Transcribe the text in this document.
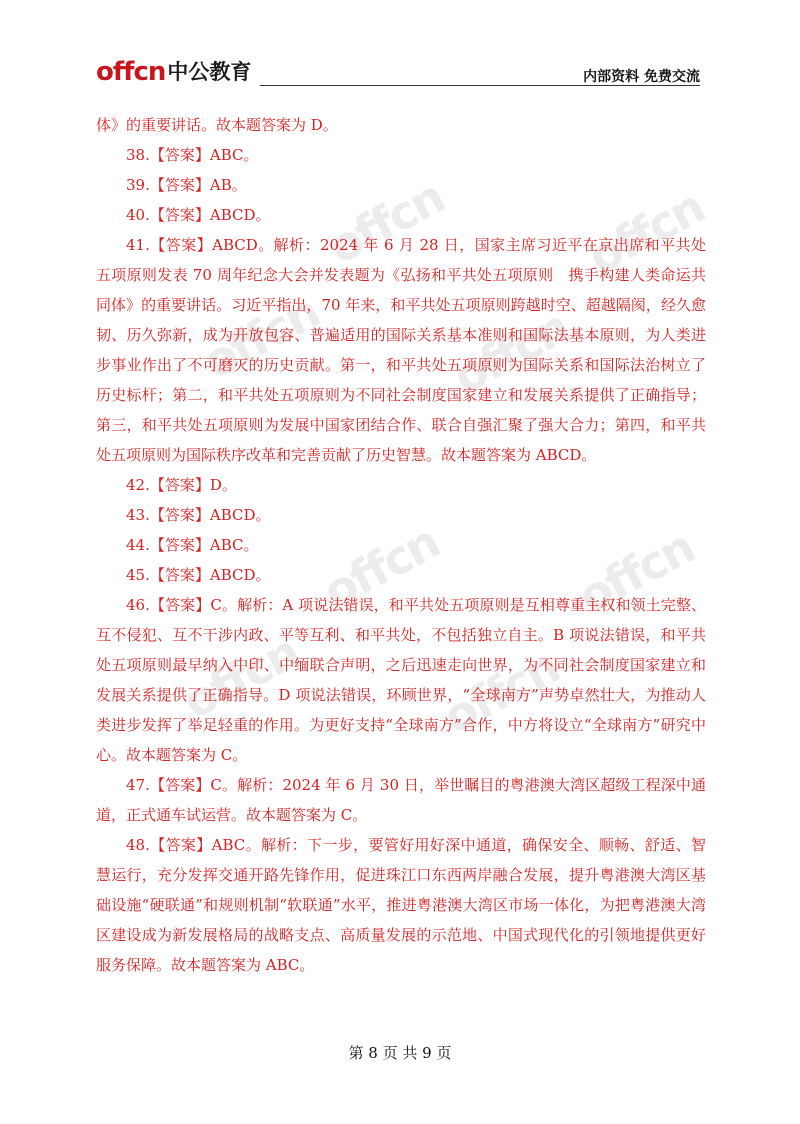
offcn中公教育	内部资料 免费交流
offcn	offcn
offcn	offcn
offcn	offcn
offcn	offcn

体》的重要讲话。故本题答案为 D。

38.【答案】ABC。

39.【答案】AB。

40.【答案】ABCD。

41.【答案】ABCD。解析：2024 年 6 月 28 日，国家主席习近平在京出席和平共处五项原则发表 70 周年纪念大会并发表题为《弘扬和平共处五项原则　携手构建人类命运共同体》的重要讲话。习近平指出，70 年来，和平共处五项原则跨越时空、超越隔阂，经久愈韧、历久弥新，成为开放包容、普遍适用的国际关系基本准则和国际法基本原则，为人类进步事业作出了不可磨灭的历史贡献。第一，和平共处五项原则为国际关系和国际法治树立了历史标杆；第二，和平共处五项原则为不同社会制度国家建立和发展关系提供了正确指导；第三，和平共处五项原则为发展中国家团结合作、联合自强汇聚了强大合力；第四，和平共处五项原则为国际秩序改革和完善贡献了历史智慧。故本题答案为 ABCD。

42.【答案】D。

43.【答案】ABCD。

44.【答案】ABC。

45.【答案】ABCD。

46.【答案】C。解析：A 项说法错误，和平共处五项原则是互相尊重主权和领土完整、互不侵犯、互不干涉内政、平等互利、和平共处，不包括独立自主。B 项说法错误，和平共处五项原则最早纳入中印、中缅联合声明，之后迅速走向世界，为不同社会制度国家建立和发展关系提供了正确指导。D 项说法错误，环顾世界，“全球南方”声势卓然壮大，为推动人类进步发挥了举足轻重的作用。为更好支持“全球南方”合作，中方将设立“全球南方”研究中心。故本题答案为 C。

47.【答案】C。解析：2024 年 6 月 30 日，举世瞩目的粤港澳大湾区超级工程深中通道，正式通车试运营。故本题答案为 C。

48.【答案】ABC。解析：下一步，要管好用好深中通道，确保安全、顺畅、舒适、智慧运行，充分发挥交通开路先锋作用，促进珠江口东西两岸融合发展，提升粤港澳大湾区基础设施“硬联通”和规则机制“软联通”水平，推进粤港澳大湾区市场一体化，为把粤港澳大湾区建设成为新发展格局的战略支点、高质量发展的示范地、中国式现代化的引领地提供更好服务保障。故本题答案为 ABC。

第 8 页 共 9 页
